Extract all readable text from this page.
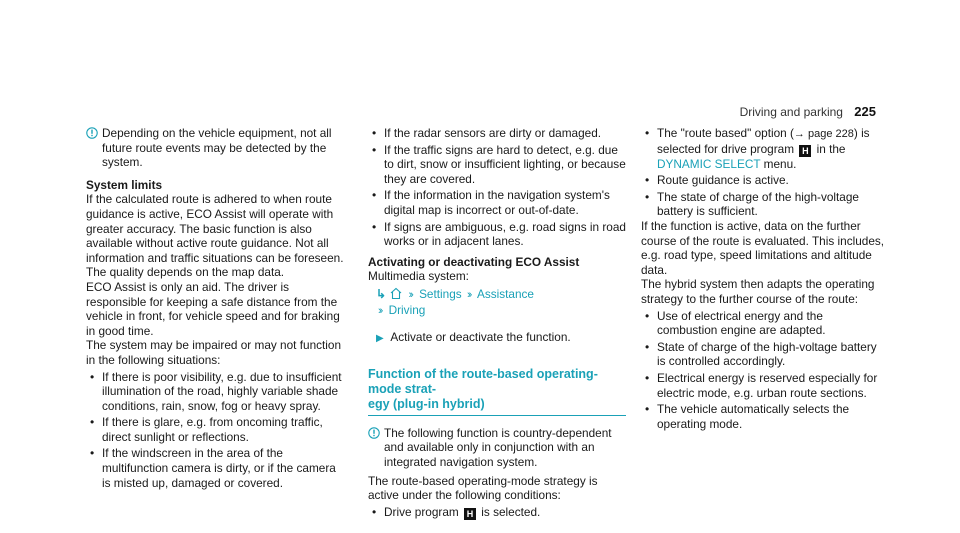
Driving and parking 225

Depending on the vehicle equipment, not all future route events may be detected by the system.

System limits

If the calculated route is adhered to when route guidance is active, ECO Assist will operate with greater accuracy. The basic function is also available without active route guidance. Not all information and traffic situations can be foreseen. The quality depends on the map data.

ECO Assist is only an aid. The driver is responsible for keeping a safe distance from the vehicle in front, for vehicle speed and for braking in good time.

The system may be impaired or may not function in the following situations:

• If there is poor visibility, e.g. due to insufficient illumination of the road, highly variable shade conditions, rain, snow, fog or heavy spray.
• If there is glare, e.g. from oncoming traffic, direct sunlight or reflections.
• If the windscreen in the area of the multifunction camera is dirty, or if the camera is misted up, damaged or covered.
• If the radar sensors are dirty or damaged.
• If the traffic signs are hard to detect, e.g. due to dirt, snow or insufficient lighting, or because they are covered.
• If the information in the navigation system's digital map is incorrect or out-of-date.
• If signs are ambiguous, e.g. road signs in road works or in adjacent lanes.

Activating or deactivating ECO Assist

Multimedia system:

↳ ›› Settings ›› Assistance

›› Driving

▶ Activate or deactivate the function.

Function of the route-based operating-mode strat-
egy (plug-in hybrid)

The following function is country-dependent and available only in conjunction with an integrated navigation system.

The route-based operating-mode strategy is active under the following conditions:

• Drive program H is selected.
• The "route based" option (→ page 228) is selected for drive program H in the
DYNAMIC SELECT menu.
• Route guidance is active.
• The state of charge of the high-voltage battery is sufficient.

If the function is active, data on the further course of the route is evaluated. This includes, e.g. road type, speed limitations and altitude data.

The hybrid system then adapts the operating strategy to the further course of the route:

• Use of electrical energy and the combustion engine are adapted.
• State of charge of the high-voltage battery is controlled accordingly.
• Electrical energy is reserved especially for electric mode, e.g. urban route sections.
• The vehicle automatically selects the operating mode.
